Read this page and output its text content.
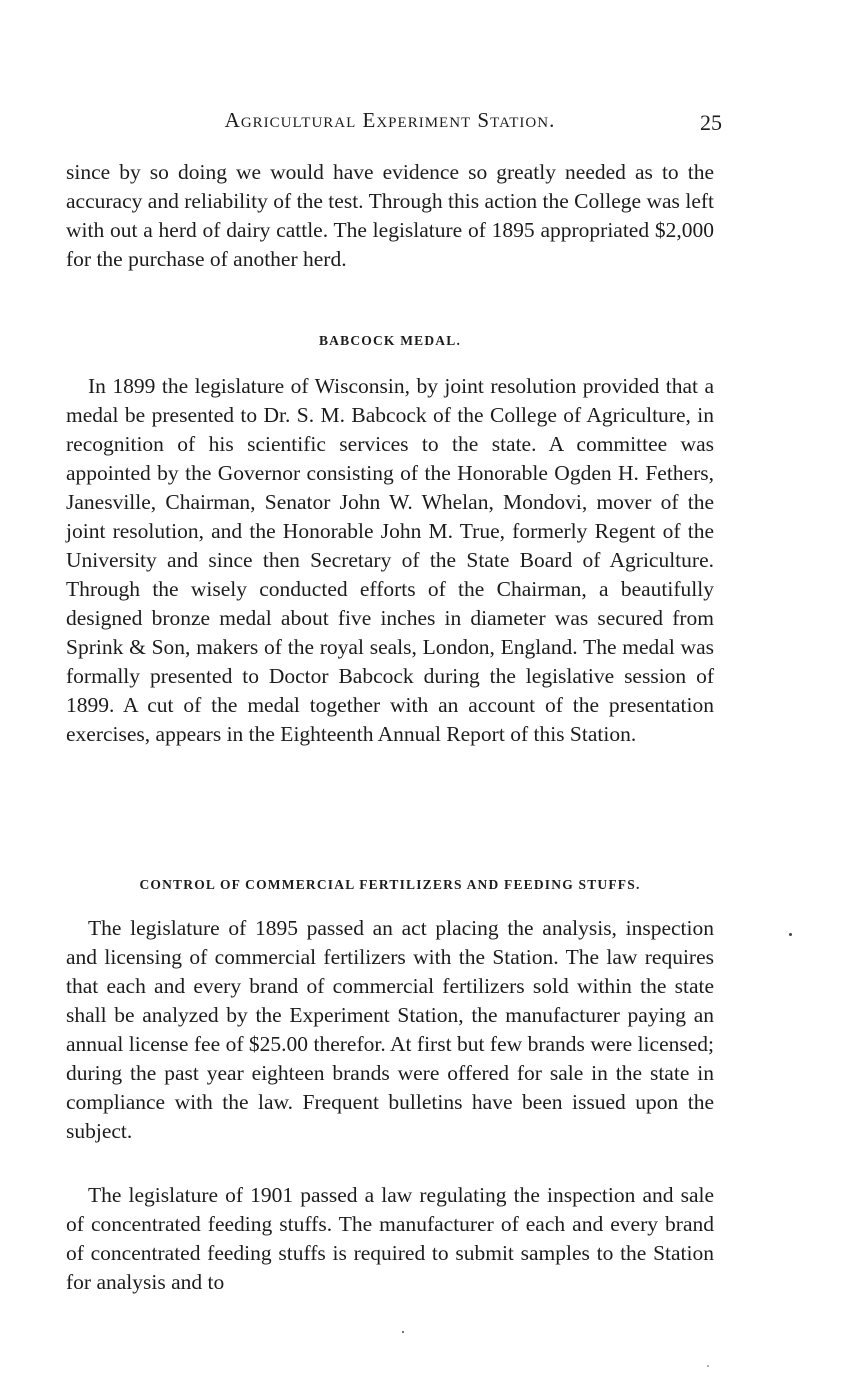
Agricultural Experiment Station.	25

since by so doing we would have evidence so greatly needed as to the accuracy and reliability of the test. Through this action the College was left with out a herd of dairy cattle. The legislature of 1895 appropriated $2,000 for the purchase of another herd.

BABCOCK MEDAL.

In 1899 the legislature of Wisconsin, by joint resolution provided that a medal be presented to Dr. S. M. Babcock of the College of Agriculture, in recognition of his scientific services to the state. A committee was appointed by the Governor consisting of the Honorable Ogden H. Fethers, Janesville, Chairman, Senator John W. Whelan, Mondovi, mover of the joint resolution, and the Honorable John M. True, formerly Regent of the University and since then Secretary of the State Board of Agriculture. Through the wisely conducted efforts of the Chairman, a beautifully designed bronze medal about five inches in diameter was secured from Sprink & Son, makers of the royal seals, London, England. The medal was formally presented to Doctor Babcock during the legislative session of 1899. A cut of the medal together with an account of the presentation exercises, appears in the Eighteenth Annual Report of this Station.

CONTROL OF COMMERCIAL FERTILIZERS AND FEEDING STUFFS.

The legislature of 1895 passed an act placing the analysis, inspection and licensing of commercial fertilizers with the Station. The law requires that each and every brand of commercial fertilizers sold within the state shall be analyzed by the Experiment Station, the manufacturer paying an annual license fee of $25.00 therefor. At first but few brands were licensed; during the past year eighteen brands were offered for sale in the state in compliance with the law. Frequent bulletins have been issued upon the subject.

The legislature of 1901 passed a law regulating the inspection and sale of concentrated feeding stuffs. The manufacturer of each and every brand of concentrated feeding stuffs is required to submit samples to the Station for analysis and to
